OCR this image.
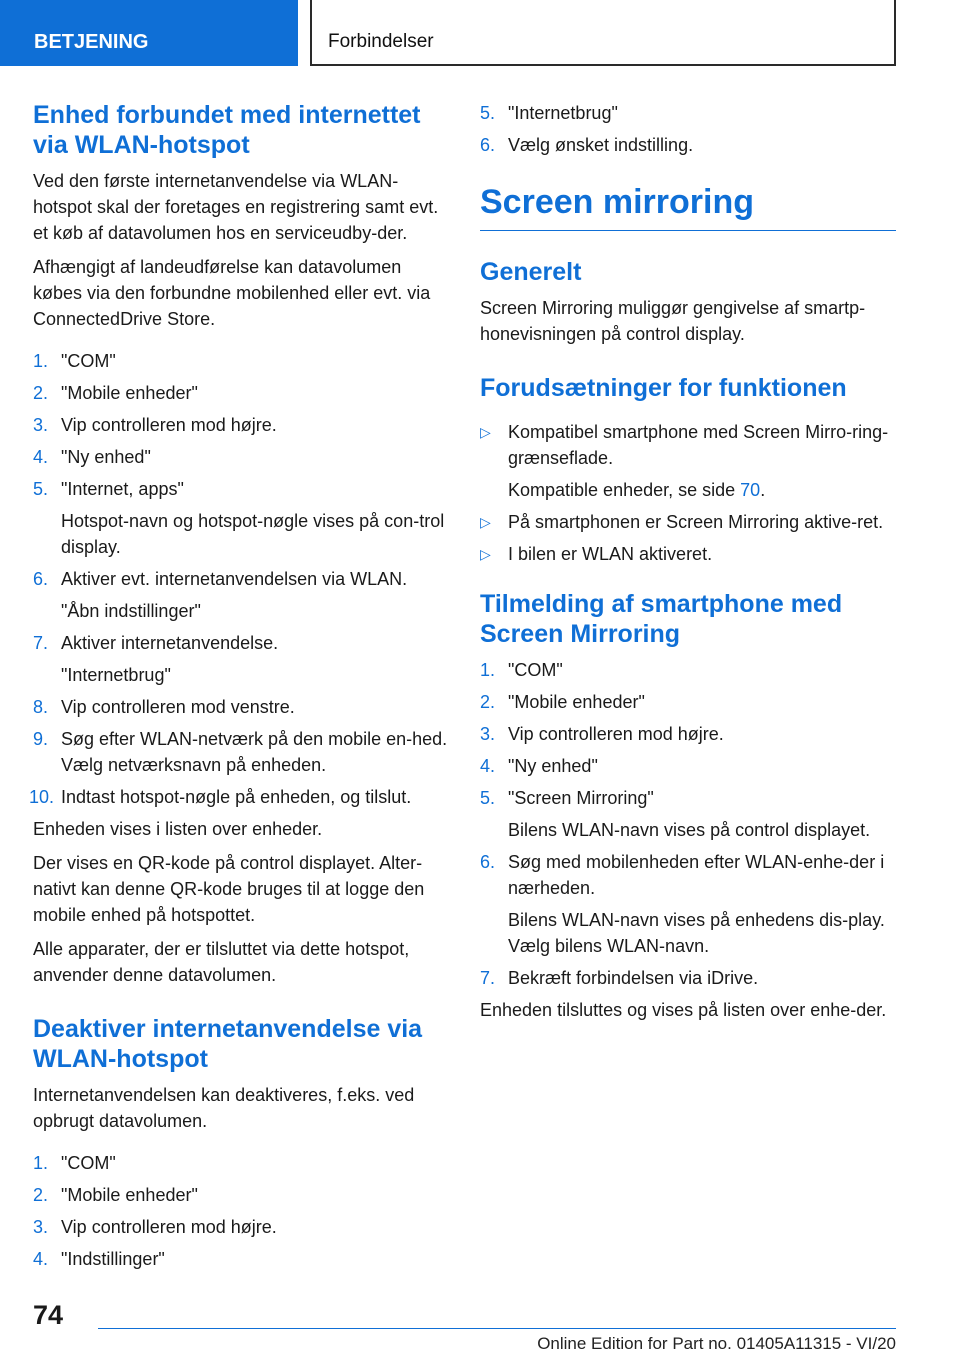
BETJENING	Forbindelser
Enhed forbundet med internettet via WLAN-hotspot

Ved den første internetanvendelse via WLAN-hotspot skal der foretages en registrering samt evt. et køb af datavolumen hos en serviceudby-der.

Afhængigt af landeudførelse kan datavolumen købes via den forbundne mobilenhed eller evt. via ConnectedDrive Store.

1. "COM"
2. "Mobile enheder"
3. Vip controlleren mod højre.
4. "Ny enhed"
5. "Internet, apps"
Hotspot-navn og hotspot-nøgle vises på con-trol display.
6. Aktiver evt. internetanvendelsen via WLAN.
"Åbn indstillinger"
7. Aktiver internetanvendelse.
"Internetbrug"
8. Vip controlleren mod venstre.
9. Søg efter WLAN-netværk på den mobile en-hed. Vælg netværksnavn på enheden.
10. Indtast hotspot-nøgle på enheden, og tilslut.

Enheden vises i listen over enheder.

Der vises en QR-kode på control displayet. Alter-nativt kan denne QR-kode bruges til at logge den mobile enhed på hotspottet.

Alle apparater, der er tilsluttet via dette hotspot, anvender denne datavolumen.

Deaktiver internetanvendelse via WLAN-hotspot

Internetanvendelsen kan deaktiveres, f.eks. ved opbrugt datavolumen.

1. "COM"
2. "Mobile enheder"
3. Vip controlleren mod højre.
4. "Indstillinger"
5. "Internetbrug"
6. Vælg ønsket indstilling.
Screen mirroring
Generelt

Screen Mirroring muliggør gengivelse af smartp-honevisningen på control display.

Forudsætninger for funktionen
▷ Kompatibel smartphone med Screen Mirro-ring-grænseflade.
Kompatible enheder, se side 70.
▷ På smartphonen er Screen Mirroring aktive-ret.
▷ I bilen er WLAN aktiveret.
Tilmelding af smartphone med Screen Mirroring
1. "COM"
2. "Mobile enheder"
3. Vip controlleren mod højre.
4. "Ny enhed"
5. "Screen Mirroring"
Bilens WLAN-navn vises på control displayet.
6. Søg med mobilenheden efter WLAN-enhe-der i nærheden.
Bilens WLAN-navn vises på enhedens dis-play. Vælg bilens WLAN-navn.
7. Bekræft forbindelsen via iDrive.

Enheden tilsluttes og vises på listen over enhe-der.

74
Online Edition for Part no. 01405A11315 - VI/20
